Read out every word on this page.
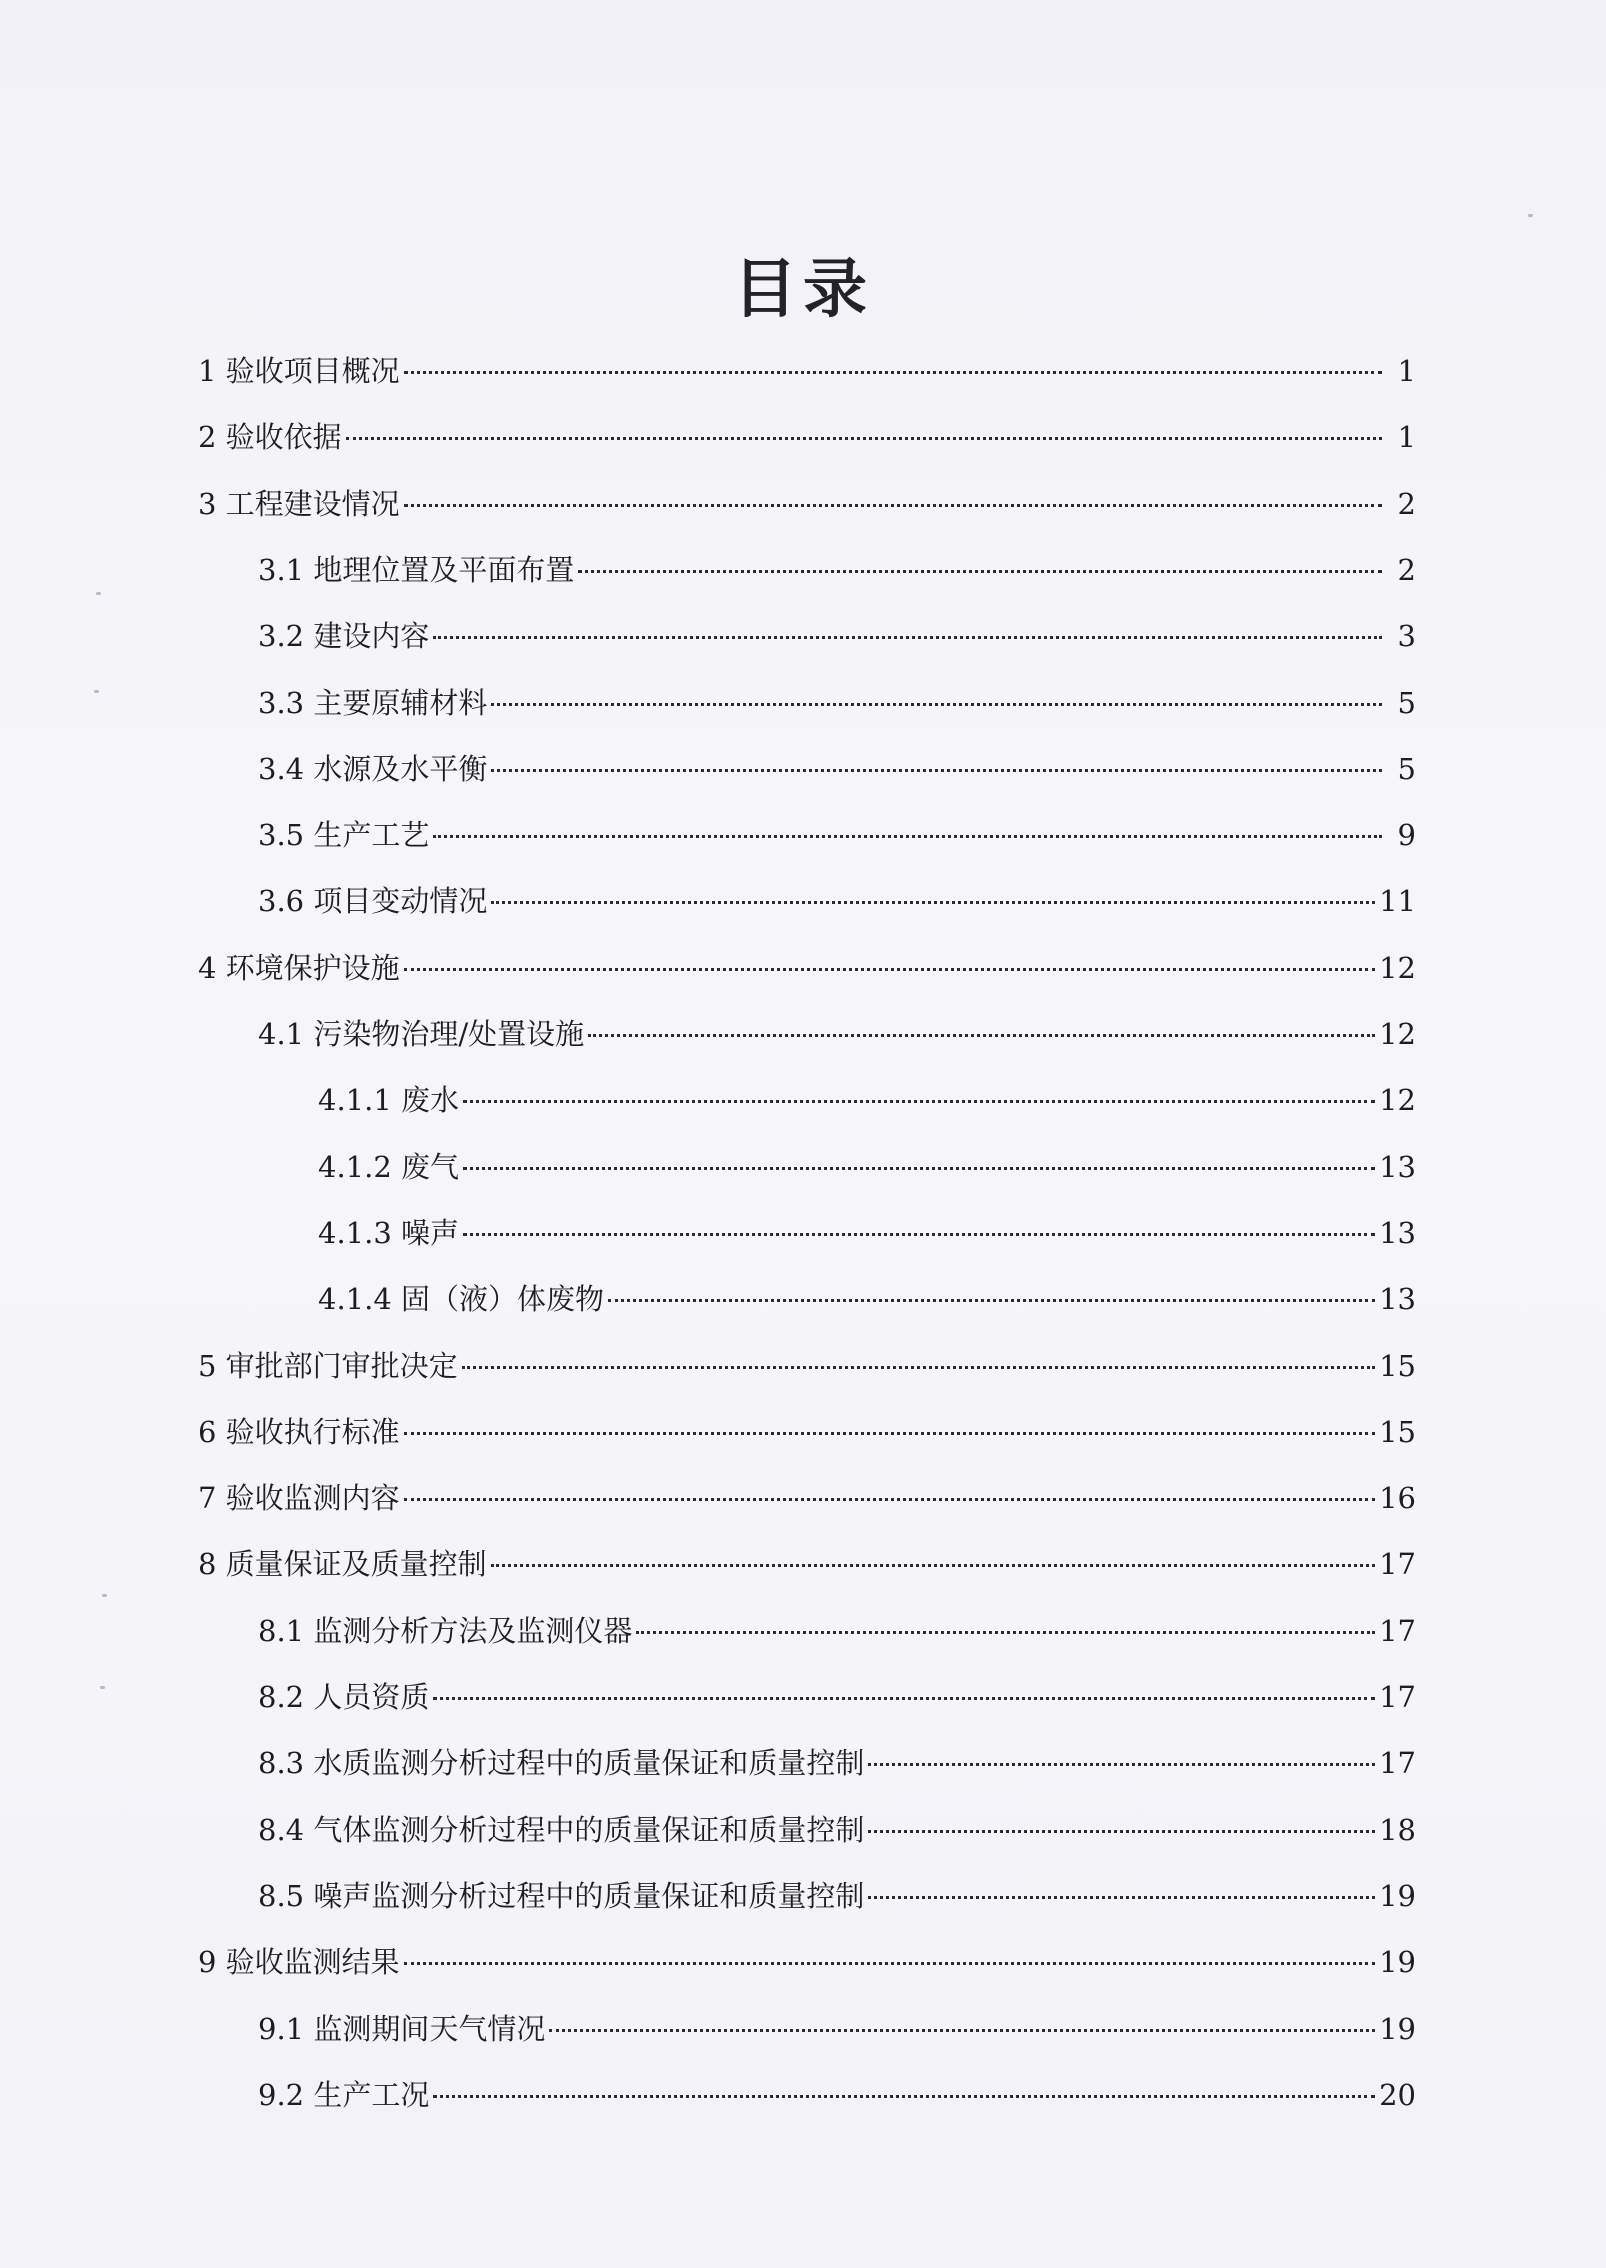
目录
1 验收项目概况	1
2 验收依据	1
3 工程建设情况	2
3.1 地理位置及平面布置	2
3.2 建设内容	3
3.3 主要原辅材料	5
3.4 水源及水平衡	5
3.5 生产工艺	9
3.6 项目变动情况	11
4 环境保护设施	12
4.1 污染物治理/处置设施	12
4.1.1 废水	12
4.1.2 废气	13
4.1.3 噪声	13
4.1.4 固（液）体废物	13
5 审批部门审批决定	15
6 验收执行标准	15
7 验收监测内容	16
8 质量保证及质量控制	17
8.1 监测分析方法及监测仪器	17
8.2 人员资质	17
8.3 水质监测分析过程中的质量保证和质量控制	17
8.4 气体监测分析过程中的质量保证和质量控制	18
8.5 噪声监测分析过程中的质量保证和质量控制	19
9 验收监测结果	19
9.1 监测期间天气情况	19
9.2 生产工况	20
